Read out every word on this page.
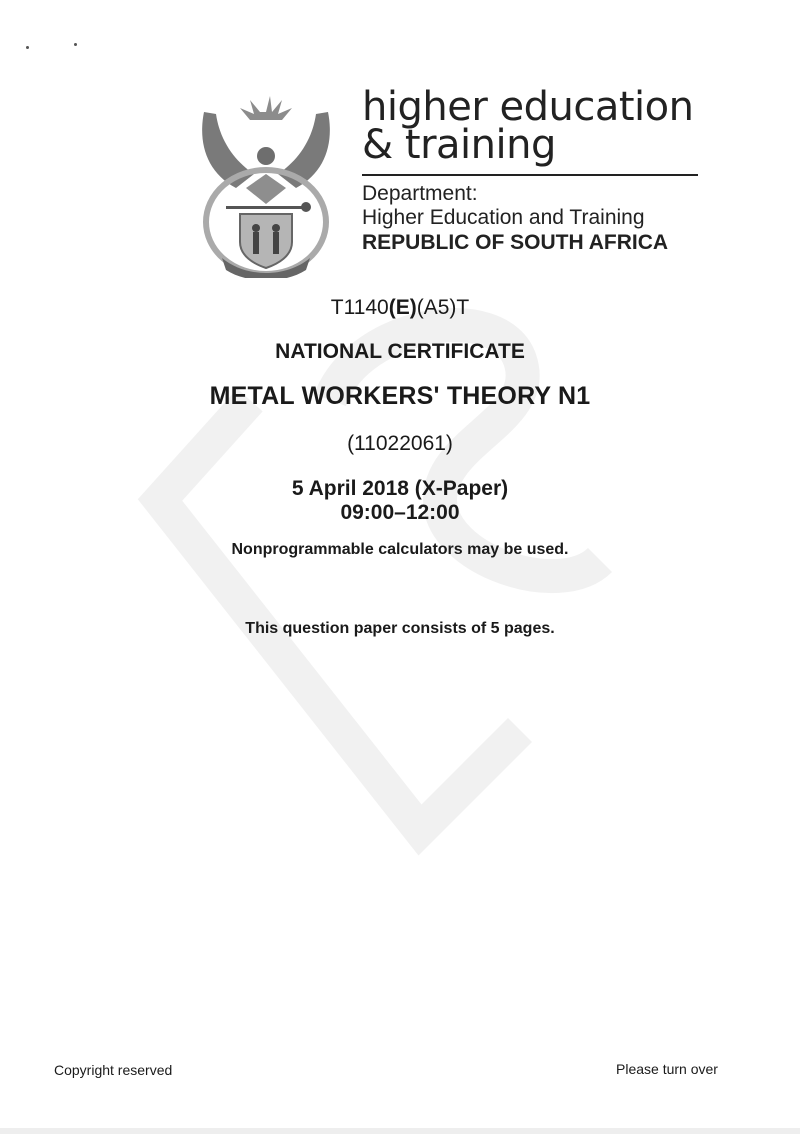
higher education
& training
Department:
Higher Education and Training
REPUBLIC OF SOUTH AFRICA
T1140(E)(A5)T
NATIONAL CERTIFICATE
METAL WORKERS' THEORY N1
(11022061)
5 April 2018 (X-Paper)
09:00–12:00
Nonprogrammable calculators may be used.
This question paper consists of 5 pages.
Copyright reserved	Please turn over
